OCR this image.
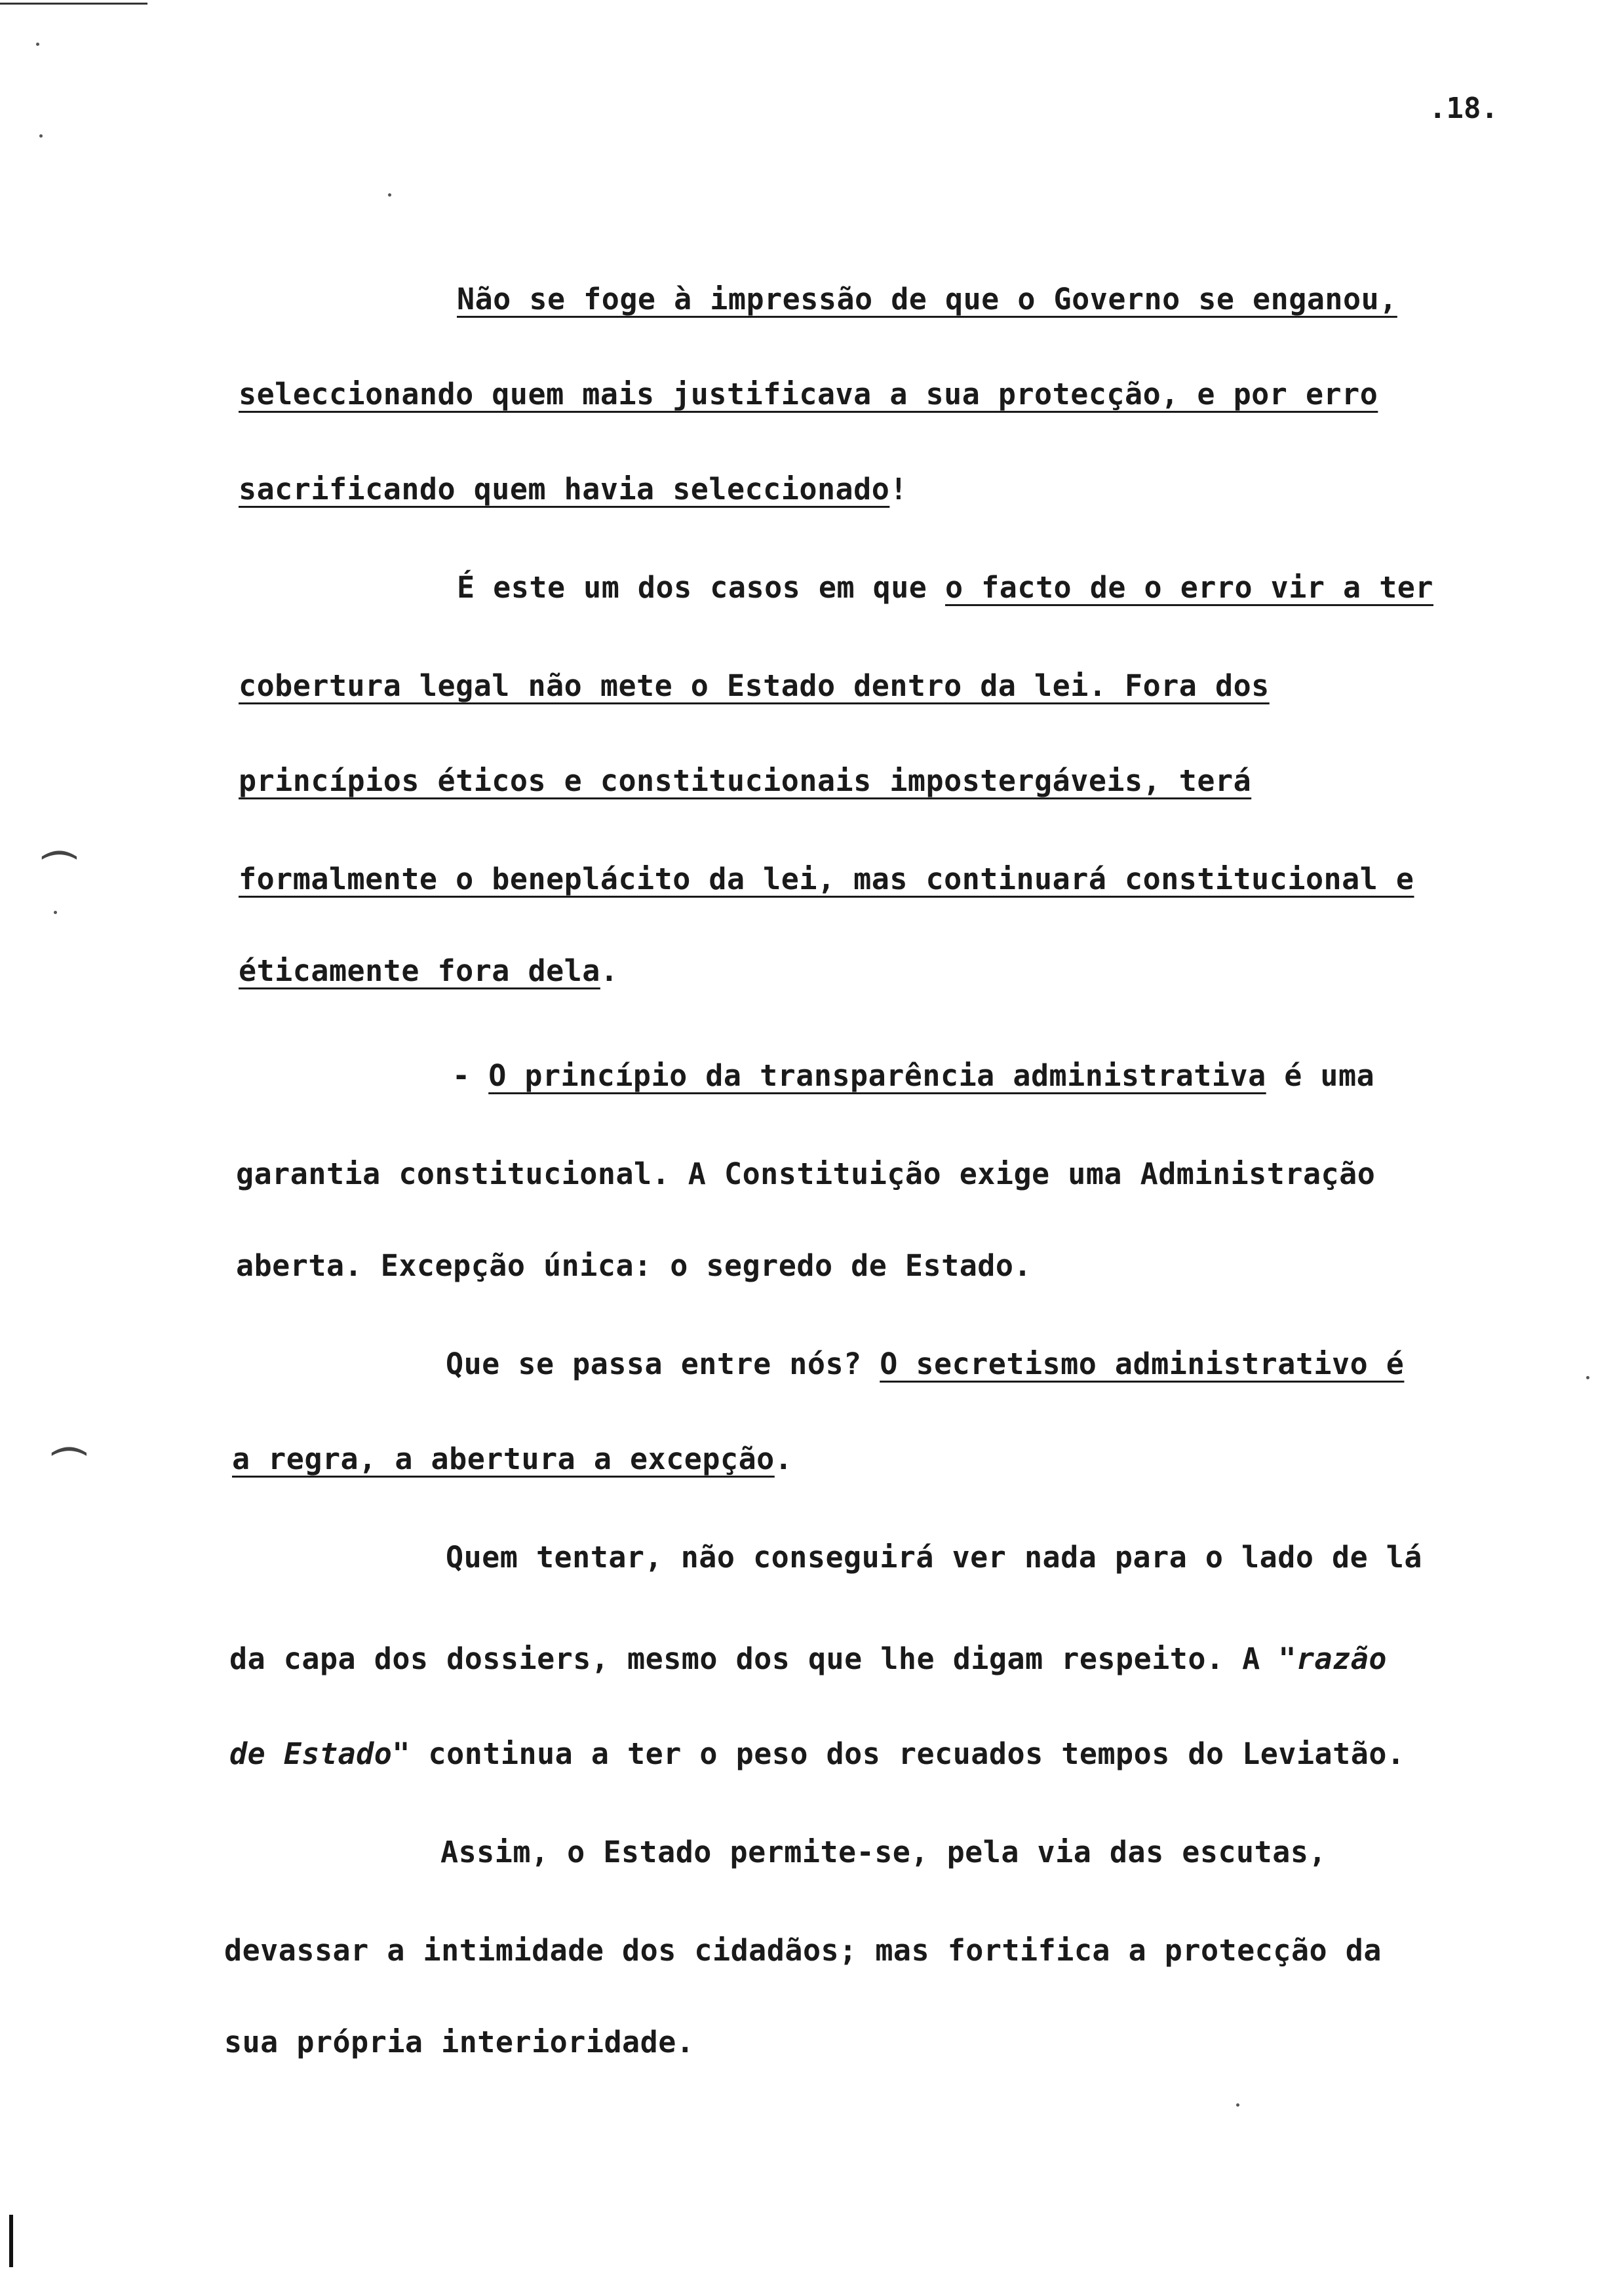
.18.
(
(
Não se foge à impressão de que o Governo se enganou,
seleccionando quem mais justificava a sua protecção, e por erro
sacrificando quem havia seleccionado!
É este um dos casos em que o facto de o erro vir a ter
cobertura legal não mete o Estado dentro da lei. Fora dos
princípios éticos e constitucionais impostergáveis, terá
formalmente o beneplácito da lei, mas continuará constitucional e
éticamente fora dela.
- O princípio da transparência administrativa é uma
garantia constitucional. A Constituição exige uma Administração
aberta. Excepção única: o segredo de Estado.
Que se passa entre nós? O secretismo administrativo é
a regra, a abertura a excepção.
Quem tentar, não conseguirá ver nada para o lado de lá
da capa dos dossiers, mesmo dos que lhe digam respeito. A "razão
de Estado" continua a ter o peso dos recuados tempos do Leviatão.
Assim, o Estado permite-se, pela via das escutas,
devassar a intimidade dos cidadãos; mas fortifica a protecção da
sua própria interioridade.
